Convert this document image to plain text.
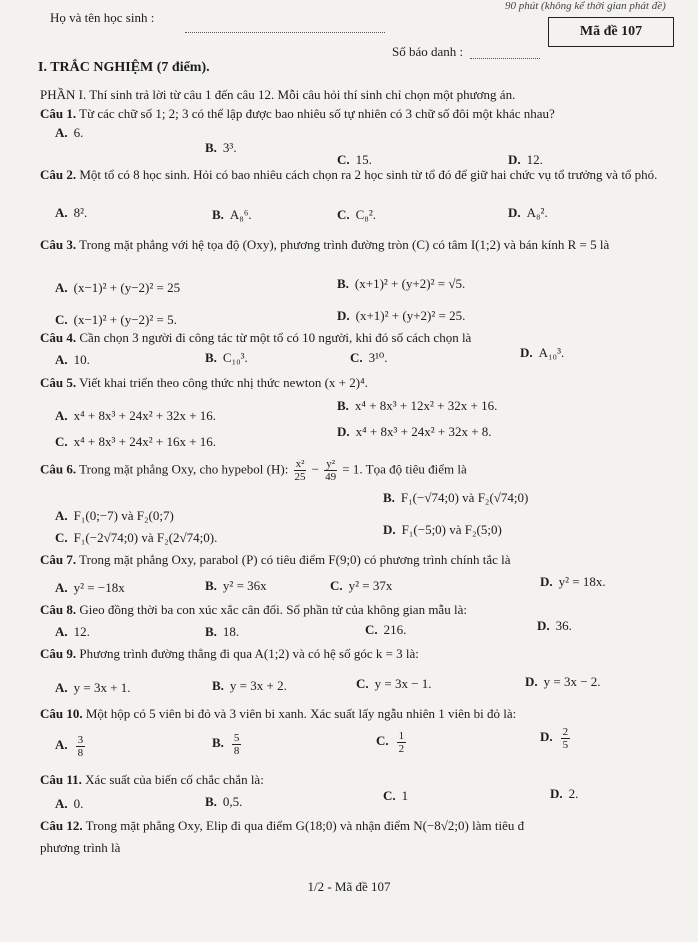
90 phút (không kể thời gian phát đề)
Họ và tên học sinh :
Mã đề 107
Số báo danh :
I. TRẮC NGHIỆM (7 điểm).
PHẦN I. Thí sinh trả lời từ câu 1 đến câu 12. Mỗi câu hỏi thí sinh chỉ chọn một phương án.
Câu 1. Từ các chữ số 1; 2; 3 có thể lập được bao nhiêu số tự nhiên có 3 chữ số đôi một khác nhau?
A. 6.
B. 3³.
C. 15.	D. 12.
Câu 2. Một tổ có 8 học sinh. Hỏi có bao nhiêu cách chọn ra 2 học sinh từ tổ đó để giữ hai chức vụ tổ trưởng và tổ phó.
A. 8².	B. A₈⁶.	C. C₈².	D. A₈².
Câu 3. Trong mặt phẳng với hệ tọa độ (Oxy), phương trình đường tròn (C) có tâm I(1;2) và bán kính R = 5 là
A. (x−1)² + (y−2)² = 25	B. (x+1)² + (y+2)² = √5.
C. (x−1)² + (y−2)² = 5.	D. (x+1)² + (y+2)² = 25.
Câu 4. Cần chọn 3 người đi công tác từ một tổ có 10 người, khi đó số cách chọn là
A. 10.	B. C₁₀³.	C. 3¹⁰.	D. A₁₀³.
Câu 5. Viết khai triển theo công thức nhị thức newton (x + 2)⁴.
A. x⁴ + 8x³ + 24x² + 32x + 16.
B. x⁴ + 8x³ + 12x² + 32x + 16.
C. x⁴ + 8x³ + 24x² + 16x + 16.
D. x⁴ + 8x³ + 24x² + 32x + 8.
Câu 6. Trong mặt phẳng Oxy, cho hypebol (H): $\frac{\text{x²}}{25} - \frac{\text{y²}}{49} = 1$. Tọa độ tiêu điểm là
A. F₁(0;−7) và F₂(0;7)
B. F₁(−√74;0) và F₂(√74;0)
C. F₁(−2√74;0) và F₂(2√74;0).
D. F₁(−5;0) và F₂(5;0)
Câu 7. Trong mặt phẳng Oxy, parabol (P) có tiêu điểm F(9;0) có phương trình chính tắc là
A. y² = −18x	B. y² = 36x	C. y² = 37x	D. y² = 18x.
Câu 8. Gieo đồng thời ba con xúc xắc cân đối. Số phần tử của không gian mẫu là:
A. 12.	B. 18.	C. 216.	D. 36.
Câu 9. Phương trình đường thẳng đi qua A(1;2) và có hệ số góc k = 3 là:
A. y = 3x + 1.	B. y = 3x + 2.	C. y = 3x − 1.	D. y = 3x − 2.
Câu 10. Một hộp có 5 viên bi đỏ và 3 viên bi xanh. Xác suất lấy ngẫu nhiên 1 viên bi đỏ là:
A. $\frac{3}{8}$	B. $\frac{5}{8}$	C. $\frac{1}{2}$	D. $\frac{2}{5}$
Câu 11. Xác suất của biến cố chắc chắn là:
A. 0.	B. 0,5.	C. 1	D. 2.
Câu 12. Trong mặt phẳng Oxy, Elip đi qua điểm G(18;0) và nhận điểm N(−8√2;0) làm tiêu đ
phương trình là
1/2 - Mã đề 107
